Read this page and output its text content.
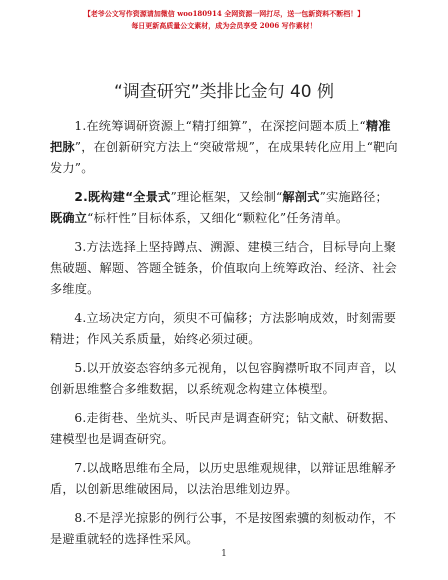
【老爷公文写作资源请加微信 woo180914 全网资源一网打尽，送一包新资料不断档！】
每日更新高质量公文素材，成为会员享受 2006 写作素材！
“调查研究”类排比金句 40 例

1.在统筹调研资源上“精打细算”，在深挖问题本质上“精准把脉”，在创新研究方法上“突破常规”，在成果转化应用上“靶向发力”。

2.既构建“全景式”理论框架，又绘制“解剖式”实施路径；既确立“标杆性”目标体系，又细化“颗粒化”任务清单。

3.方法选择上坚持蹲点、溯源、建模三结合，目标导向上聚焦破题、解题、答题全链条，价值取向上统筹政治、经济、社会多维度。

4.立场决定方向，须臾不可偏移；方法影响成效，时刻需要精进；作风关系质量，始终必须过硬。

5.以开放姿态容纳多元视角，以包容胸襟听取不同声音，以创新思维整合多维数据，以系统观念构建立体模型。

6.走街巷、坐炕头、听民声是调查研究；钻文献、研数据、建模型也是调查研究。

7.以战略思维布全局，以历史思维观规律，以辩证思维解矛盾，以创新思维破困局，以法治思维划边界。

8.不是浮光掠影的例行公事，不是按图索骥的刻板动作，不是避重就轻的选择性采风。

1
